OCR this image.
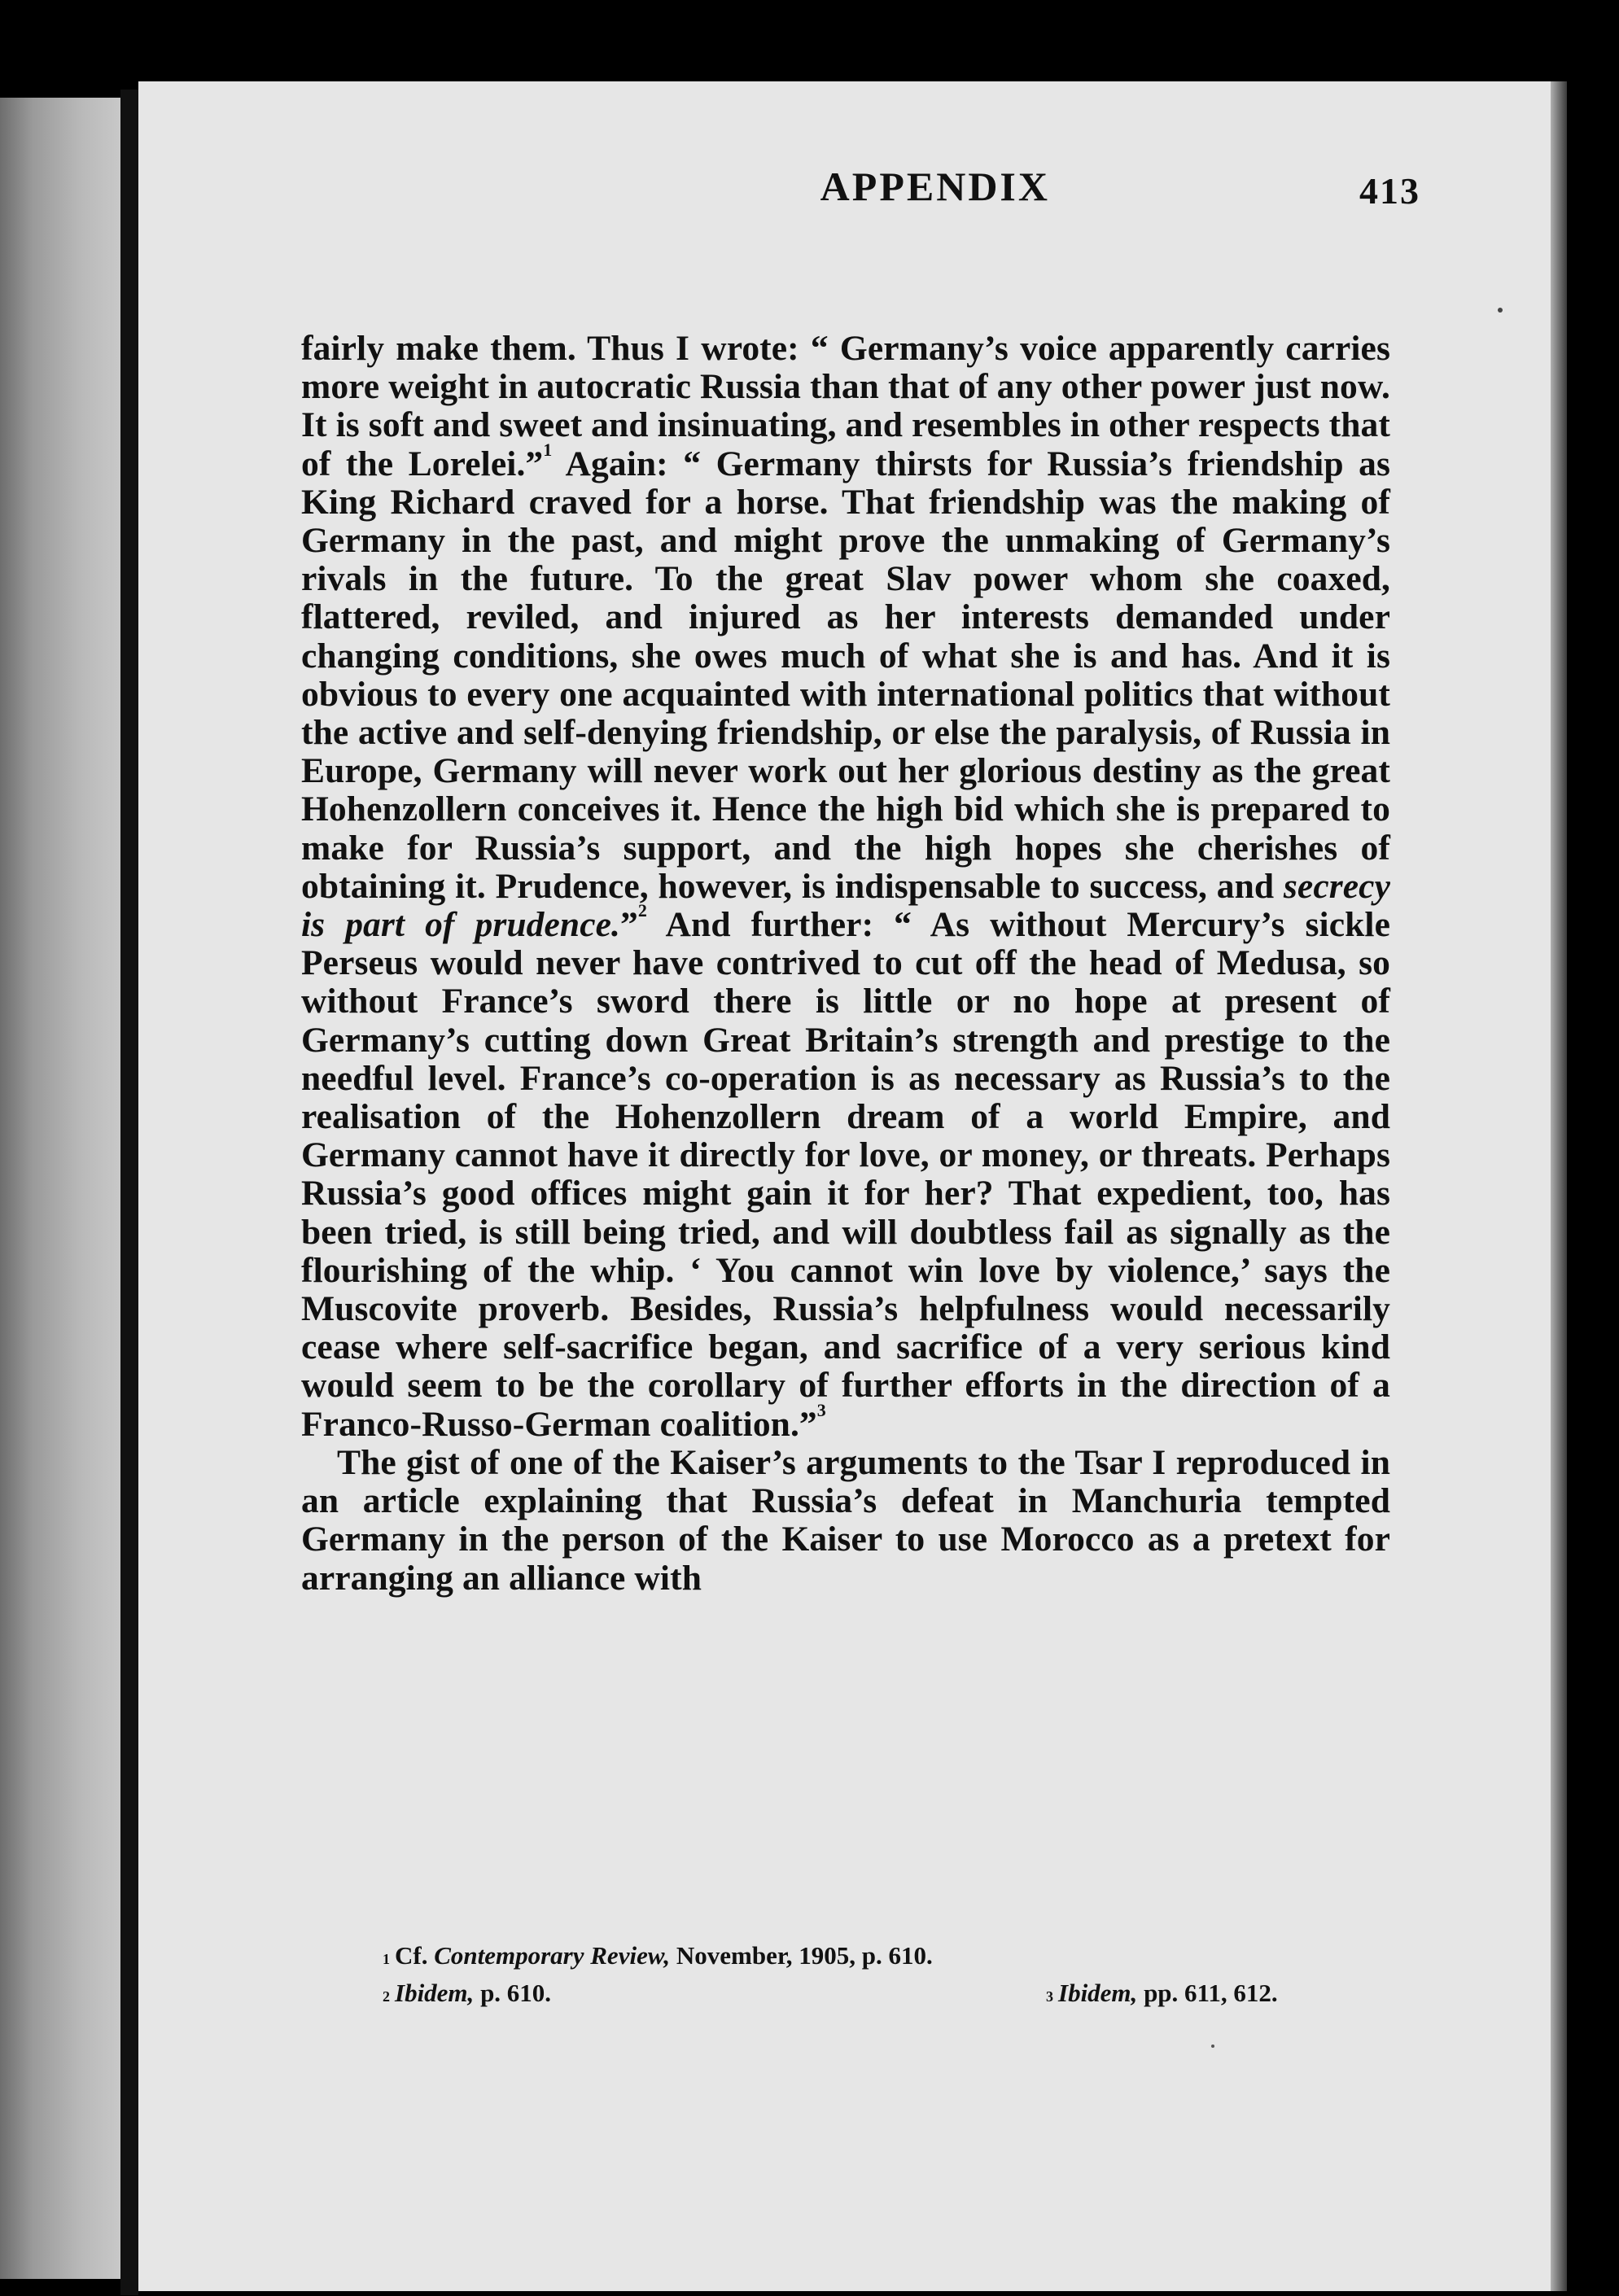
APPENDIX	413

fairly make them. Thus I wrote: “ Germany’s voice apparently carries more weight in autocratic Russia than that of any other power just now. It is soft and sweet and insinuating, and resembles in other respects that of the Lorelei.”$^1$ Again: “ Germany thirsts for Russia’s friendship as King Richard craved for a horse. That friendship was the making of Germany in the past, and might prove the unmaking of Germany’s rivals in the future. To the great Slav power whom she coaxed, flattered, reviled, and injured as her interests demanded under changing conditions, she owes much of what she is and has. And it is obvious to every one acquainted with international politics that without the active and self-denying friendship, or else the paralysis, of Russia in Europe, Germany will never work out her glorious destiny as the great Hohenzollern conceives it. Hence the high bid which she is prepared to make for Russia’s support, and the high hopes she cherishes of obtaining it. Prudence, however, is indispensable to success, and secrecy is part of prudence.”$^2$ And further: “ As without Mercury’s sickle Perseus would never have contrived to cut off the head of Medusa, so without France’s sword there is little or no hope at present of Germany’s cutting down Great Britain’s strength and prestige to the needful level. France’s co-operation is as necessary as Russia’s to the realisation of the Hohenzollern dream of a world Empire, and Germany cannot have it directly for love, or money, or threats. Perhaps Russia’s good offices might gain it for her? That expedient, too, has been tried, is still being tried, and will doubtless fail as signally as the flourishing of the whip. ‘ You cannot win love by violence,’ says the Muscovite proverb. Besides, Russia’s helpfulness would necessarily cease where self-sacrifice began, and sacrifice of a very serious kind would seem to be the corollary of further efforts in the direction of a Franco-Russo-German coalition.”$^3$

The gist of one of the Kaiser’s arguments to the Tsar I reproduced in an article explaining that Russia’s defeat in Manchuria tempted Germany in the person of the Kaiser to use Morocco as a pretext for arranging an alliance with

$^1$ Cf. Contemporary Review, November, 1905, p. 610.
$^2$ Ibidem, p. 610.	$^3$ Ibidem, pp. 611, 612.
